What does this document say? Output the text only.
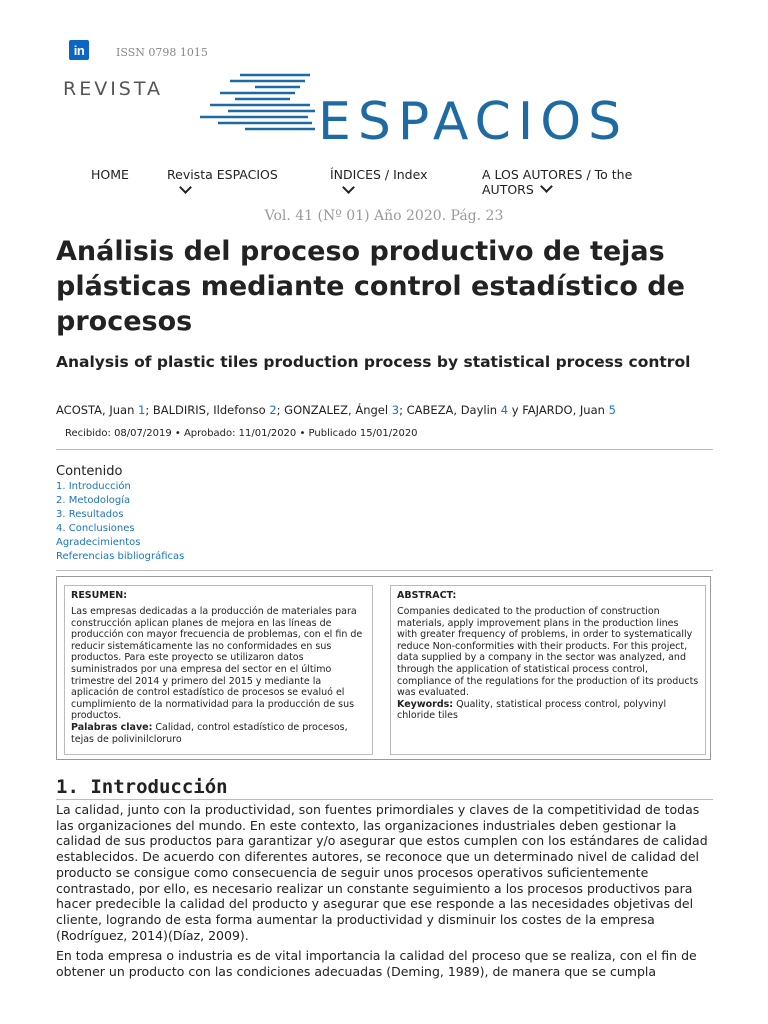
in	ISSN 0798 1015
REVISTA
ESPACIOS
HOME	Revista ESPACIOS	ÍNDICES / Index	A LOS AUTORES / To the
AUTORS
Vol. 41 (Nº 01) Año 2020. Pág. 23
Análisis del proceso productivo de tejas plásticas mediante control estadístico de procesos
Analysis of plastic tiles production process by statistical process control
ACOSTA, Juan 1; BALDIRIS, Ildefonso 2; GONZALEZ, Ángel 3; CABEZA, Daylin 4 y FAJARDO, Juan 5
Recibido: 08/07/2019 • Aprobado: 11/01/2020 • Publicado 15/01/2020
Contenido
1. Introducción
2. Metodología
3. Resultados
4. Conclusiones
Agradecimientos
Referencias bibliográficas
RESUMEN:
Las empresas dedicadas a la producción de materiales para construcción aplican planes de mejora en las líneas de producción con mayor frecuencia de problemas, con el fin de reducir sistemáticamente las no conformidades en sus productos. Para este proyecto se utilizaron datos suministrados por una empresa del sector en el último trimestre del 2014 y primero del 2015 y mediante la aplicación de control estadístico de procesos se evaluó el cumplimiento de la normatividad para la producción de sus productos.
Palabras clave: Calidad, control estadístico de procesos, tejas de polivinilcloruro
ABSTRACT:
Companies dedicated to the production of construction materials, apply improvement plans in the production lines with greater frequency of problems, in order to systematically reduce Non-conformities with their products. For this project, data supplied by a company in the sector was analyzed, and through the application of statistical process control, compliance of the regulations for the production of its products was evaluated.
Keywords: Quality, statistical process control, polyvinyl chloride tiles
1. Introducción

La calidad, junto con la productividad, son fuentes primordiales y claves de la competitividad de todas las organizaciones del mundo. En este contexto, las organizaciones industriales deben gestionar la calidad de sus productos para garantizar y/o asegurar que estos cumplen con los estándares de calidad establecidos. De acuerdo con diferentes autores, se reconoce que un determinado nivel de calidad del producto se consigue como consecuencia de seguir unos procesos operativos suficientemente contrastado, por ello, es necesario realizar un constante seguimiento a los procesos productivos para hacer predecible la calidad del producto y asegurar que ese responde a las necesidades objetivas del cliente, logrando de esta forma aumentar la productividad y disminuir los costes de la empresa (Rodríguez, 2014)(Díaz, 2009).

En toda empresa o industria es de vital importancia la calidad del proceso que se realiza, con el fin de obtener un producto con las condiciones adecuadas (Deming, 1989), de manera que se cumpla
